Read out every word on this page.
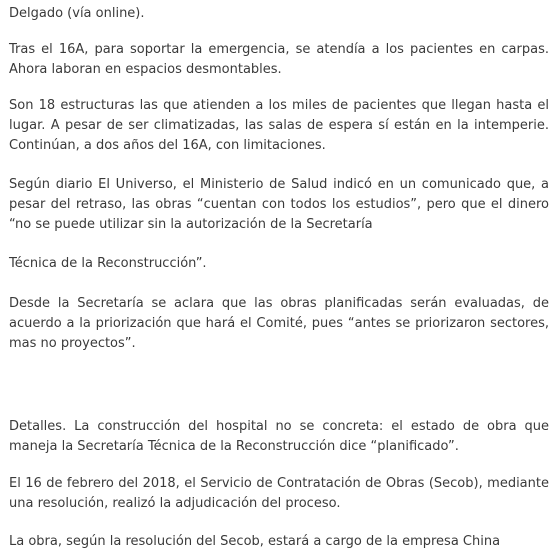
Delgado (vía online).

Tras el 16A, para soportar la emergencia, se atendía a los pacientes en carpas. Ahora laboran en espacios desmontables.

Son 18 estructuras las que atienden a los miles de pacientes que llegan hasta el lugar. A pesar de ser climatizadas, las salas de espera sí están en la intemperie. Continúan, a dos años del 16A, con limitaciones.

Según diario El Universo, el Ministerio de Salud indicó en un comunicado que, a pesar del retraso, las obras “cuentan con todos los estudios”, pero que el dinero “no se puede utilizar sin la autorización de la Secretaría

Técnica de la Reconstrucción”.

Desde la Secretaría se aclara que las obras planificadas serán evaluadas, de acuerdo a la priorización que hará el Comité, pues “antes se priorizaron sectores, mas no proyectos”.

Detalles. La construcción del hospital no se concreta: el estado de obra que maneja la Secretaría Técnica de la Reconstrucción dice “planificado”.

El 16 de febrero del 2018, el Servicio de Contratación de Obras (Secob), mediante una resolución, realizó la adjudicación del proceso.

La obra, según la resolución del Secob, estará a cargo de la empresa China
